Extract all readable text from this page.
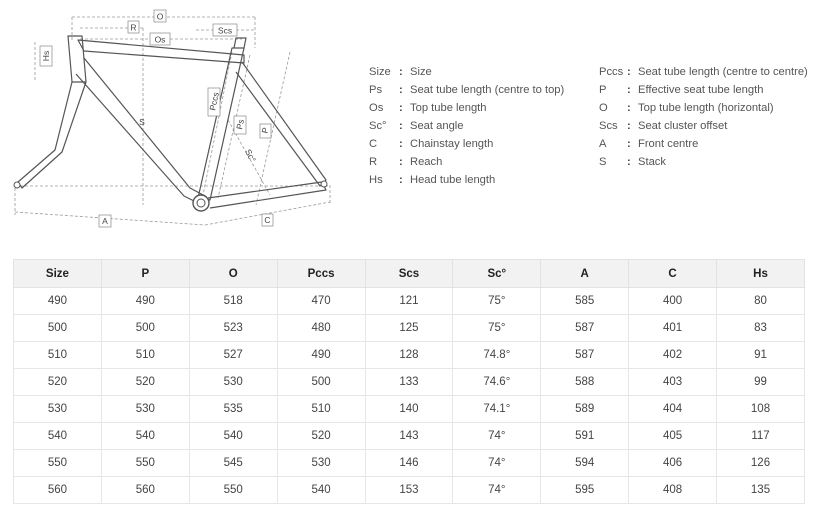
O
R
Os
Scs
Hs
S
Pccs
Ps
P
Sc°
A	C
Size : Size
Ps	: Seat tube length (centre to top)
Os	: Top tube length
Sc°	: Seat angle
C	: Chainstay length
R	: Reach
Hs	: Head tube length
Pccs : Seat tube length (centre to centre)
P	: Effective seat tube length
O	: Top tube length (horizontal)
Scs : Seat cluster offset
A	: Front centre
S	: Stack
Size	P	O	Pccs	Scs	Sc°	A	C	Hs
490	490	518	470	121	75°	585	400	80
500	500	523	480	125	75°	587	401	83
510	510	527	490	128	74.8°	587	402	91
520	520	530	500	133	74.6°	588	403	99
530	530	535	510	140	74.1°	589	404	108
540	540	540	520	143	74°	591	405	117
550	550	545	530	146	74°	594	406	126
560	560	550	540	153	74°	595	408	135
